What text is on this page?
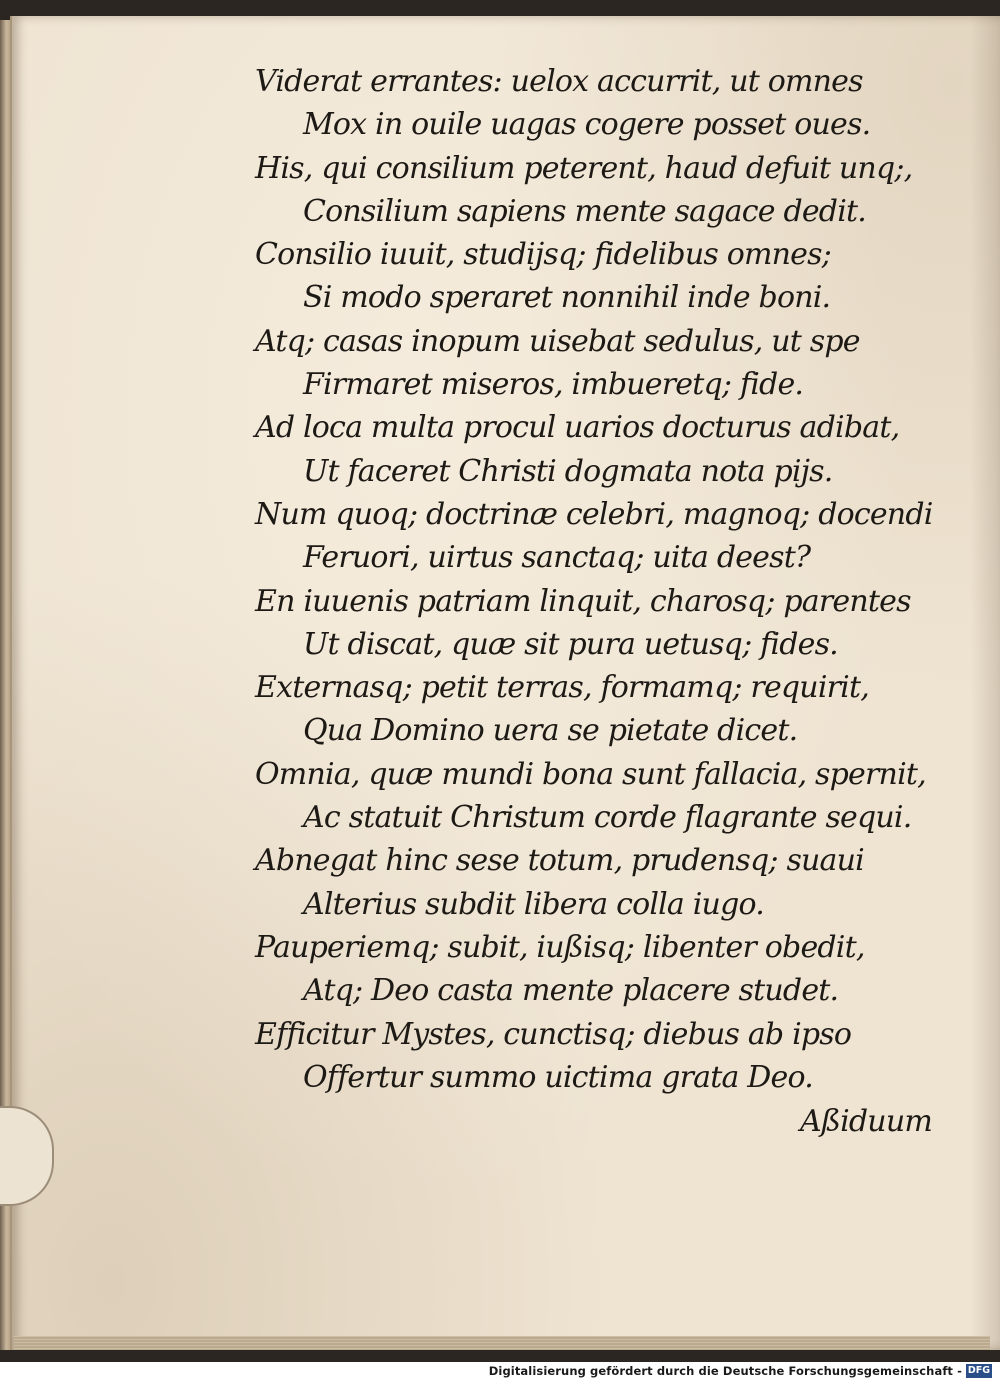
Viderat errantes: uelox accurrit, ut omnes
Mox in ouile uagas cogere posset oues.
His, qui consilium peterent, haud defuit unq;,
Consilium sapiens mente sagace dedit.
Consilio iuuit, studijsq; fidelibus omnes;
Si modo speraret nonnihil inde boni.
Atq; casas inopum uisebat sedulus, ut spe
Firmaret miseros, imbueretq; fide.
Ad loca multa procul uarios docturus adibat,
Ut faceret Christi dogmata nota pijs.
Num quoq; doctrinæ celebri, magnoq; docendi
Feruori, uirtus sanctaq; uita deest?
En iuuenis patriam linquit, charosq; parentes
Ut discat, quæ sit pura uetusq; fides.
Externasq; petit terras, formamq; requirit,
Qua Domino uera se pietate dicet.
Omnia, quæ mundi bona sunt fallacia, spernit,
Ac statuit Christum corde flagrante sequi.
Abnegat hinc sese totum, prudensq; suaui
Alterius subdit libera colla iugo.
Pauperiemq; subit, iußisq; libenter obedit,
Atq; Deo casta mente placere studet.
Efficitur Mystes, cunctisq; diebus ab ipso
Offertur summo uictima grata Deo.
Aßiduum
Digitalisierung gefördert durch die Deutsche Forschungsgemeinschaft - DFG
